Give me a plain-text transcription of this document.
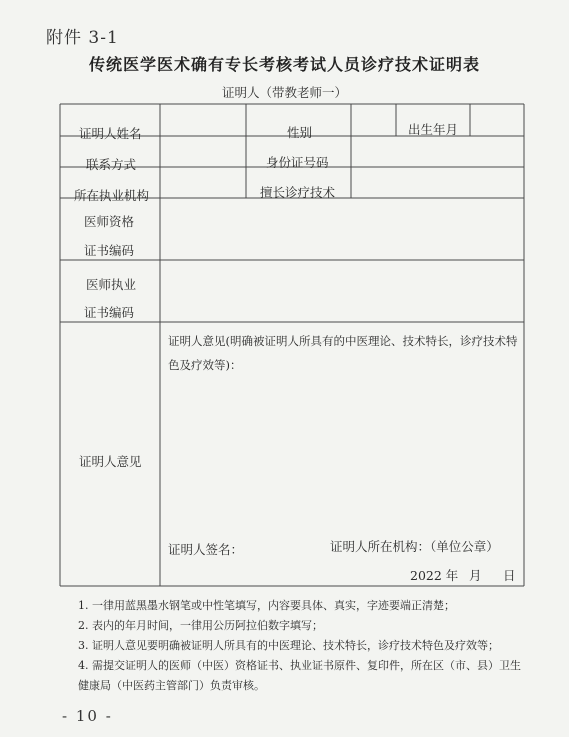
附件 3-1
传统医学医术确有专长考核考试人员诊疗技术证明表
证明人（带教老师一）
证明人姓名	性别	出生年月
联系方式	身份证号码
所在执业机构	擅长诊疗技术
医师资格
证书编码
医师执业
证书编码
证明人意见
证明人意见(明确被证明人所具有的中医理论、技术特长，诊疗技术特色及疗效等)：
证明人签名：	证明人所在机构：（单位公章）
2022 年 月 日
1. 一律用蓝黑墨水钢笔或中性笔填写，内容要具体、真实，字迹要端正清楚；
2. 表内的年月时间，一律用公历阿拉伯数字填写；
3. 证明人意见要明确被证明人所具有的中医理论、技术特长，诊疗技术特色及疗效等；
4. 需提交证明人的医师（中医）资格证书、执业证书原件、复印件，所在区（市、县）卫生
健康局（中医药主管部门）负责审核。
- 10 -
